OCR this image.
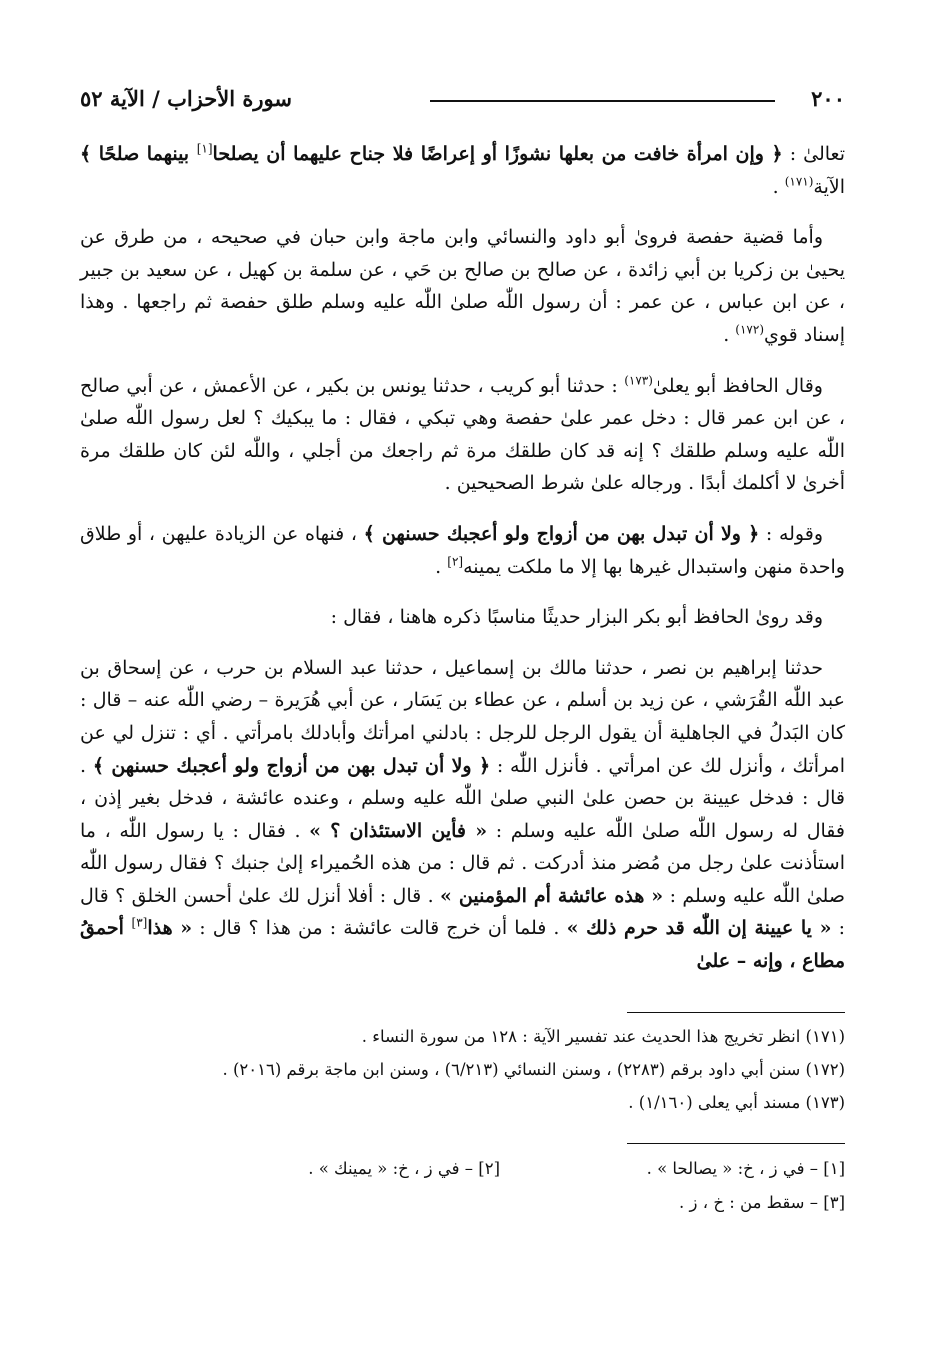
٢٠٠
سورة الأحزاب / الآية ٥٢

تعالىٰ : ﴿ وإن امرأة خافت من بعلها نشوزًا أو إعراضًا فلا جناح عليهما أن يصلحا[١] بينهما صلحًا ﴾ الآية$^{(١٧١)}$ .

وأما قضية حفصة فروىٰ أبو داود والنسائي وابن ماجة وابن حبان في صحيحه ، من طرق عن يحيىٰ بن زكريا بن أبي زائدة ، عن صالح بن صالح بن حَي ، عن سلمة بن كهيل ، عن سعيد بن جبير ، عن ابن عباس ، عن عمر : أن رسول اللّٰه صلىٰ اللّٰه عليه وسلم طلق حفصة ثم راجعها . وهذا إسناد قوي$^{(١٧٢)}$ .

وقال الحافظ أبو يعلىٰ$^{(١٧٣)}$ : حدثنا أبو كريب ، حدثنا يونس بن بكير ، عن الأعمش ، عن أبي صالح ، عن ابن عمر قال : دخل عمر علىٰ حفصة وهي تبكي ، فقال : ما يبكيك ؟ لعل رسول اللّٰه صلىٰ اللّٰه عليه وسلم طلقك ؟ إنه قد كان طلقك مرة ثم راجعك من أجلي ، واللّٰه لئن كان طلقك مرة أخرىٰ لا أكلمك أبدًا . ورجاله علىٰ شرط الصحيحين .

وقوله : ﴿ ولا أن تبدل بهن من أزواج ولو أعجبك حسنهن ﴾ ، فنهاه عن الزيادة عليهن ، أو طلاق واحدة منهن واستبدال غيرها بها إلا ما ملكت يمينه[٢] .

وقد روىٰ الحافظ أبو بكر البزار حديثًا مناسبًا ذكره هاهنا ، فقال :

حدثنا إبراهيم بن نصر ، حدثنا مالك بن إسماعيل ، حدثنا عبد السلام بن حرب ، عن إسحاق بن عبد اللّٰه القُرَشي ، عن زيد بن أسلم ، عن عطاء بن يَسَار ، عن أبي هُرَيرة – رضي اللّٰه عنه – قال : كان البَدلُ في الجاهلية أن يقول الرجل للرجل : بادلني امرأتك وأبادلك بامرأتي . أي : تنزل لي عن امرأتك ، وأنزل لك عن امرأتي . فأنزل اللّٰه : ﴿ ولا أن تبدل بهن من أزواج ولو أعجبك حسنهن ﴾ . قال : فدخل عيينة بن حصن علىٰ النبي صلىٰ اللّٰه عليه وسلم ، وعنده عائشة ، فدخل بغير إذن ، فقال له رسول اللّٰه صلىٰ اللّٰه عليه وسلم : « فأين الاستئذان ؟ » . فقال : يا رسول اللّٰه ، ما استأذنت علىٰ رجل من مُضر منذ أدركت . ثم قال : من هذه الحُميراء إلىٰ جنبك ؟ فقال رسول اللّٰه صلىٰ اللّٰه عليه وسلم : « هذه عائشة أم المؤمنين » . قال : أفلا أنزل لك علىٰ أحسن الخلق ؟ قال : « يا عيينة إن اللّٰه قد حرم ذلك » . فلما أن خرج قالت عائشة : من هذا ؟ قال : « هذا[٣] أحمقُ مطاع ، وإنه – علىٰ

(١٧١) انظر تخريج هذا الحديث عند تفسير الآية : ١٢٨ من سورة النساء .

(١٧٢) سنن أبي داود برقم (٢٢٨٣) ، وسنن النسائي (٦/٢١٣) ، وسنن ابن ماجة برقم (٢٠١٦) .

(١٧٣) مسند أبي يعلى (١/١٦٠) .

[١] – في ز ، خ: « يصالحا » .
[٢] – في ز ، خ: « يمينك » .
[٣] – سقط من : خ ، ز .
